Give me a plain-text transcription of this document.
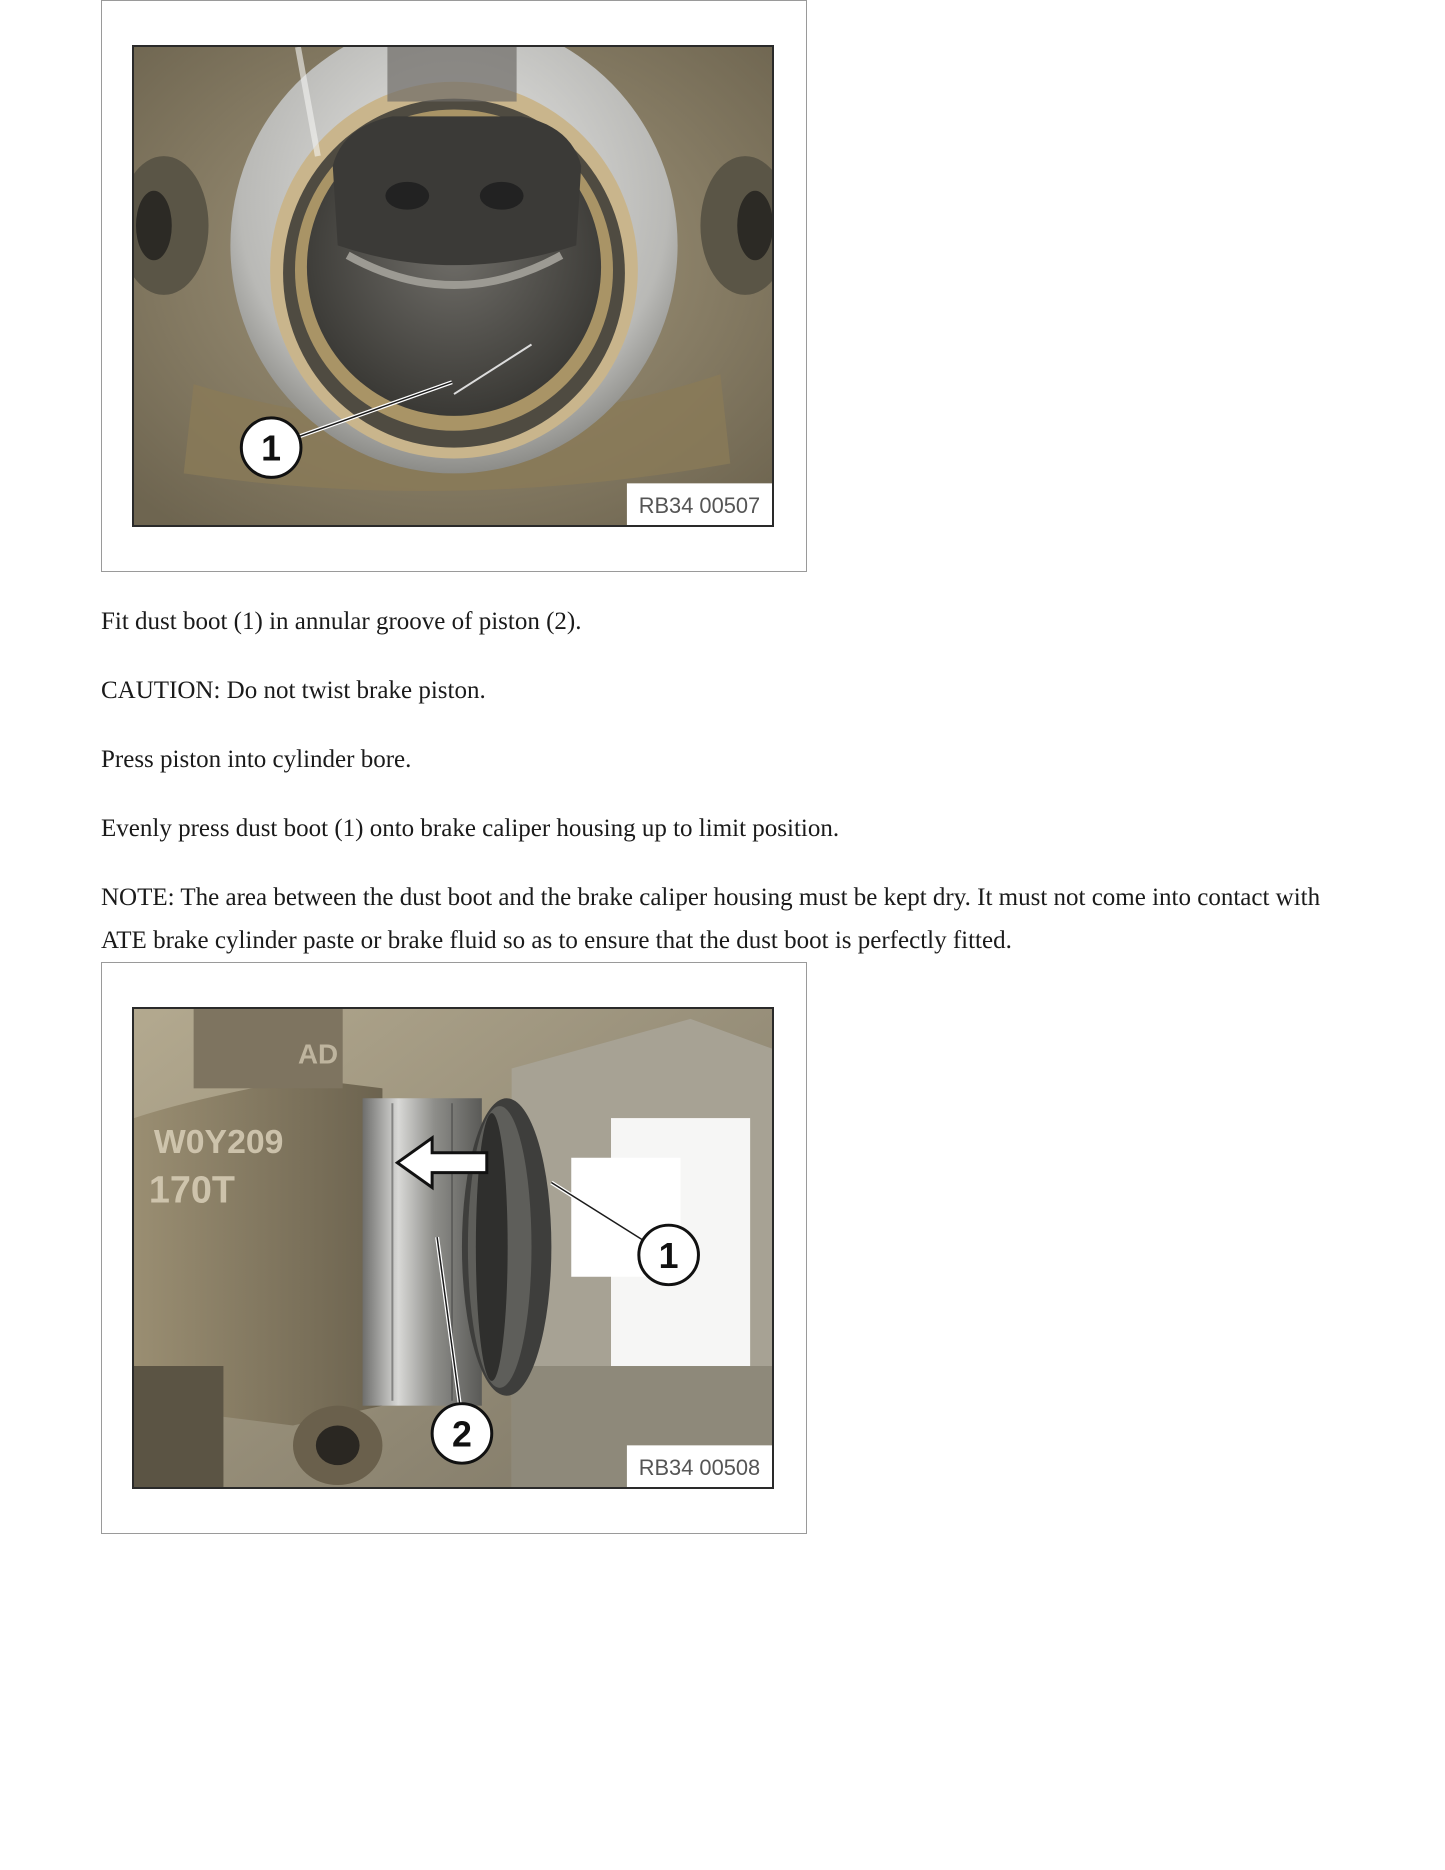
1
RB34 00507

Fit dust boot (1) in annular groove of piston (2).

CAUTION: Do not twist brake piston.

Press piston into cylinder bore.

Evenly press dust boot (1) onto brake caliper housing up to limit position.

NOTE: The area between the dust boot and the brake caliper housing must be kept dry. It must not come into contact with ATE brake cylinder paste or brake fluid so as to ensure that the dust boot is perfectly fitted.

W0Y209
170T
AD
1
2
RB34 00508
